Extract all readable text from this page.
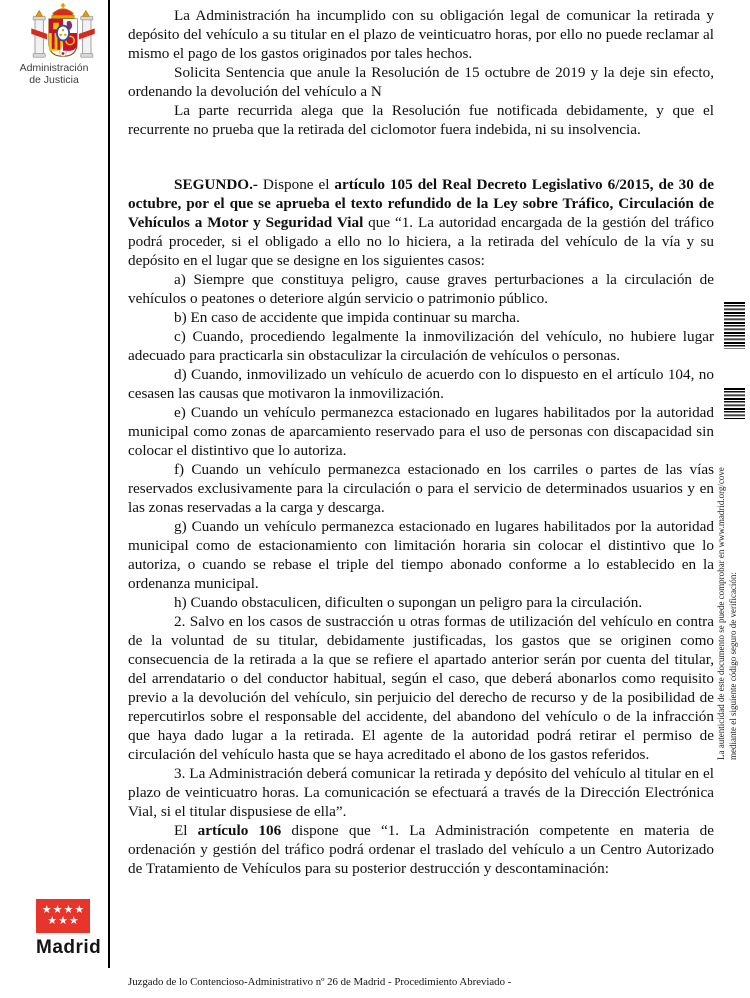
Administración
de Justicia
★★★★
★★★
Madrid

La Administración ha incumplido con su obligación legal de comunicar la retirada y depósito del vehículo a su titular en el plazo de veinticuatro horas, por ello no puede reclamar al mismo el pago de los gastos originados por tales hechos.

Solicita Sentencia que anule la Resolución de 15 octubre de 2019 y la deje sin efecto, ordenando la devolución del vehículo a N

La parte recurrida alega que la Resolución fue notificada debidamente, y que el recurrente no prueba que la retirada del ciclomotor fuera indebida, ni su insolvencia.

SEGUNDO.- Dispone el artículo 105 del Real Decreto Legislativo 6/2015, de 30 de octubre, por el que se aprueba el texto refundido de la Ley sobre Tráfico, Circulación de Vehículos a Motor y Seguridad Vial que “1. La autoridad encargada de la gestión del tráfico podrá proceder, si el obligado a ello no lo hiciera, a la retirada del vehículo de la vía y su depósito en el lugar que se designe en los siguientes casos:

a) Siempre que constituya peligro, cause graves perturbaciones a la circulación de vehículos o peatones o deteriore algún servicio o patrimonio público.

b) En caso de accidente que impida continuar su marcha.

c) Cuando, procediendo legalmente la inmovilización del vehículo, no hubiere lugar adecuado para practicarla sin obstaculizar la circulación de vehículos o personas.

d) Cuando, inmovilizado un vehículo de acuerdo con lo dispuesto en el artículo 104, no cesasen las causas que motivaron la inmovilización.

e) Cuando un vehículo permanezca estacionado en lugares habilitados por la autoridad municipal como zonas de aparcamiento reservado para el uso de personas con discapacidad sin colocar el distintivo que lo autoriza.

f) Cuando un vehículo permanezca estacionado en los carriles o partes de las vías reservados exclusivamente para la circulación o para el servicio de determinados usuarios y en las zonas reservadas a la carga y descarga.

g) Cuando un vehículo permanezca estacionado en lugares habilitados por la autoridad municipal como de estacionamiento con limitación horaria sin colocar el distintivo que lo autoriza, o cuando se rebase el triple del tiempo abonado conforme a lo establecido en la ordenanza municipal.

h) Cuando obstaculicen, dificulten o supongan un peligro para la circulación.

2. Salvo en los casos de sustracción u otras formas de utilización del vehículo en contra de la voluntad de su titular, debidamente justificadas, los gastos que se originen como consecuencia de la retirada a la que se refiere el apartado anterior serán por cuenta del titular, del arrendatario o del conductor habitual, según el caso, que deberá abonarlos como requisito previo a la devolución del vehículo, sin perjuicio del derecho de recurso y de la posibilidad de repercutirlos sobre el responsable del accidente, del abandono del vehículo o de la infracción que haya dado lugar a la retirada. El agente de la autoridad podrá retirar el permiso de circulación del vehículo hasta que se haya acreditado el abono de los gastos referidos.

3. La Administración deberá comunicar la retirada y depósito del vehículo al titular en el plazo de veinticuatro horas. La comunicación se efectuará a través de la Dirección Electrónica Vial, si el titular dispusiese de ella”.

El artículo 106 dispone que “1. La Administración competente en materia de ordenación y gestión del tráfico podrá ordenar el traslado del vehículo a un Centro Autorizado de Tratamiento de Vehículos para su posterior destrucción y descontaminación:

La autenticidad de este documento se puede comprobar en www.madrid.org/cove mediante el siguiente código seguro de verificación:
Juzgado de lo Contencioso-Administrativo nº 26 de Madrid - Procedimiento Abreviado -
